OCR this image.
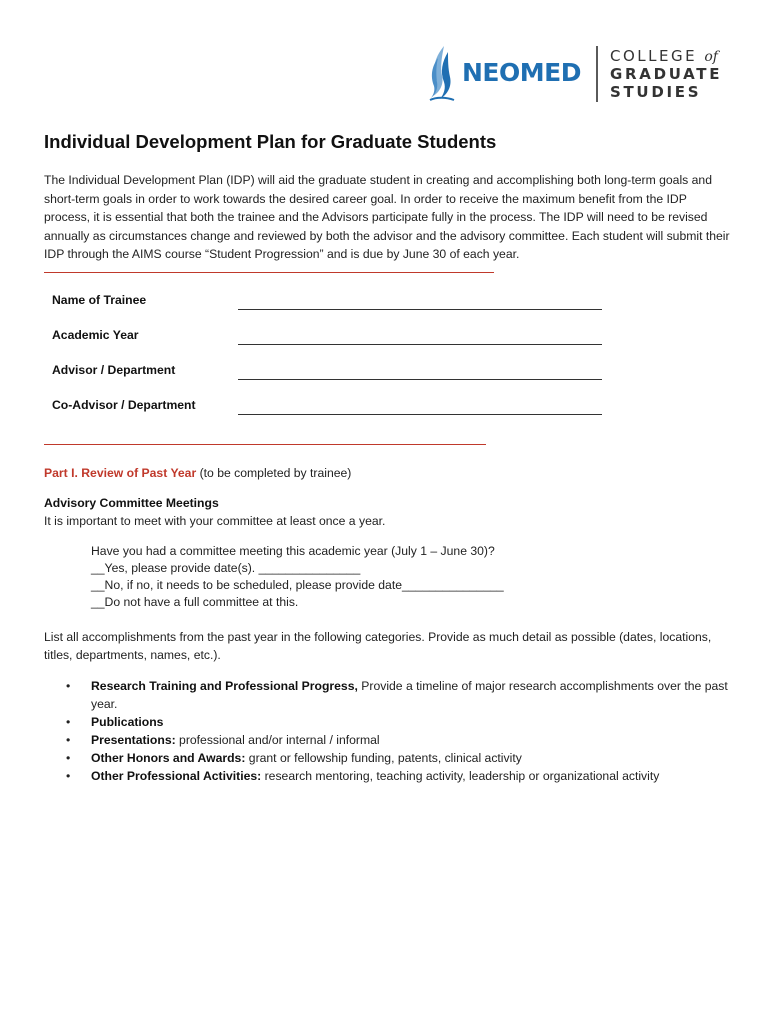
NEOMED
COLLEGE of
GRADUATE
STUDIES
Individual Development Plan for Graduate Students

The Individual Development Plan (IDP) will aid the graduate student in creating and accomplishing both long-term goals and short-term goals in order to work towards the desired career goal. In order to receive the maximum benefit from the IDP process, it is essential that both the trainee and the Advisors participate fully in the process. The IDP will need to be revised annually as circumstances change and reviewed by both the advisor and the advisory committee. Each student will submit their IDP through the AIMS course “Student Progression” and is due by June 30 of each year.

Name of Trainee
Academic Year
Advisor / Department
Co-Advisor / Department
Part I. Review of Past Year (to be completed by trainee)
Advisory Committee Meetings
It is important to meet with your committee at least once a year.
Have you had a committee meeting this academic year (July 1 – June 30)?
__Yes, please provide date(s). _______________
__No, if no, it needs to be scheduled, please provide date_______________
__Do not have a full committee at this.

List all accomplishments from the past year in the following categories. Provide as much detail as possible (dates, locations, titles, departments, names, etc.).

• Research Training and Professional Progress, Provide a timeline of major research accomplishments over the past year.
• Publications
• Presentations: professional and/or internal / informal
• Other Honors and Awards: grant or fellowship funding, patents, clinical activity
• Other Professional Activities: research mentoring, teaching activity, leadership or organizational activity
